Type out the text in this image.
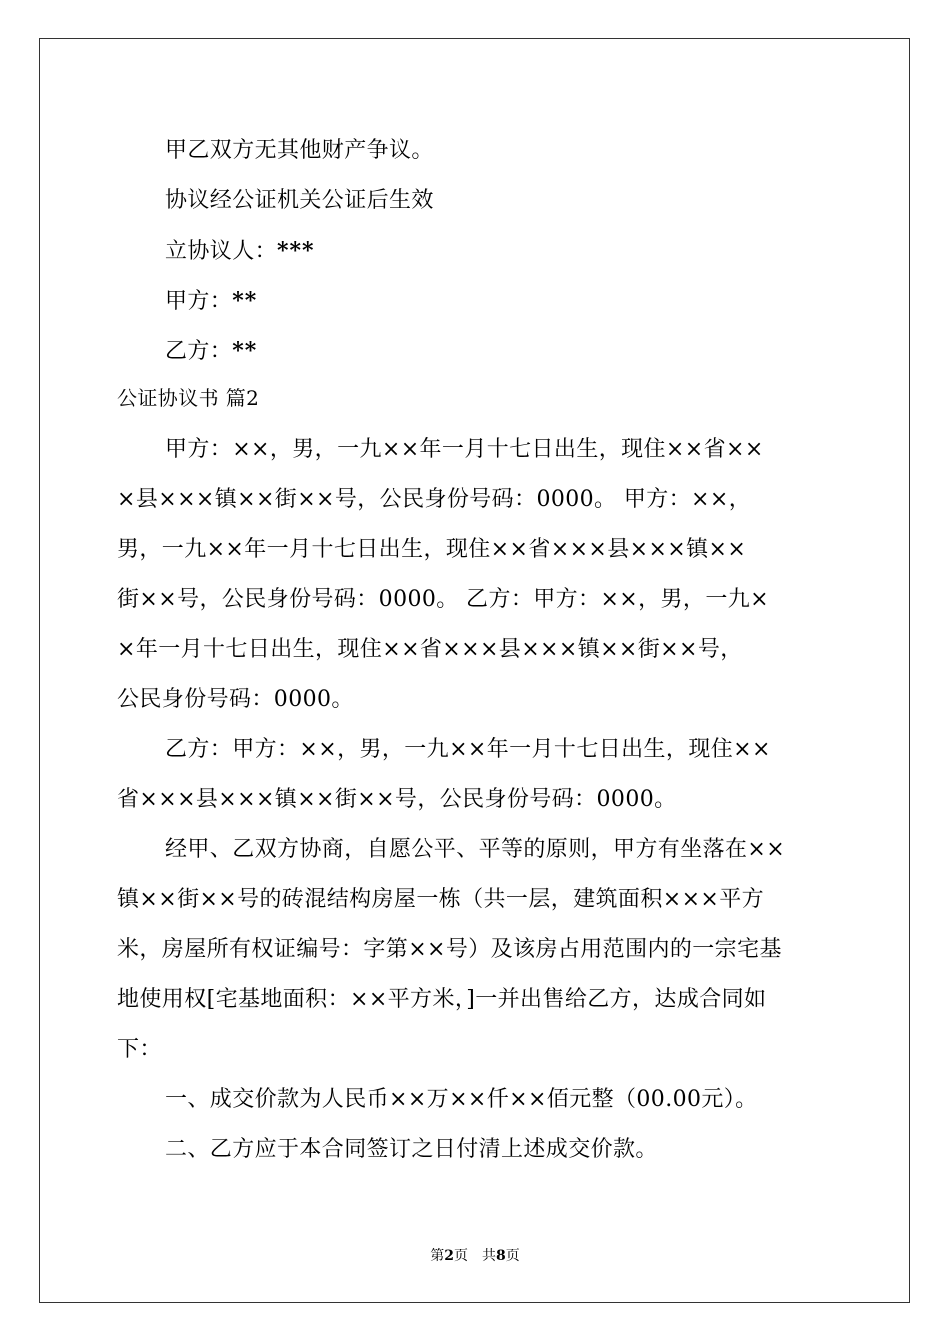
甲乙双方无其他财产争议。
协议经公证机关公证后生效
立协议人：***
甲方：**
乙方：**
公证协议书 篇2
甲方：××，男，一九××年一月十七日出生，现住××省××
×县×××镇××街××号，公民身份号码：0000。 甲方：××，
男，一九××年一月十七日出生，现住××省×××县×××镇××
街××号，公民身份号码：0000。 乙方：甲方：××，男，一九×
×年一月十七日出生，现住××省×××县×××镇××街××号，
公民身份号码：0000。
乙方：甲方：××，男，一九××年一月十七日出生，现住××
省×××县×××镇××街××号，公民身份号码：0000。
经甲、乙双方协商，自愿公平、平等的原则，甲方有坐落在××
镇××街××号的砖混结构房屋一栋（共一层，建筑面积×××平方
米，房屋所有权证编号：字第××号）及该房占用范围内的一宗宅基
地使用权[宅基地面积：××平方米，]一并出售给乙方，达成合同如
下：
一、成交价款为人民币××万××仟××佰元整（00.00元）。
二、乙方应于本合同签订之日付清上述成交价款。
第2页 共8页
